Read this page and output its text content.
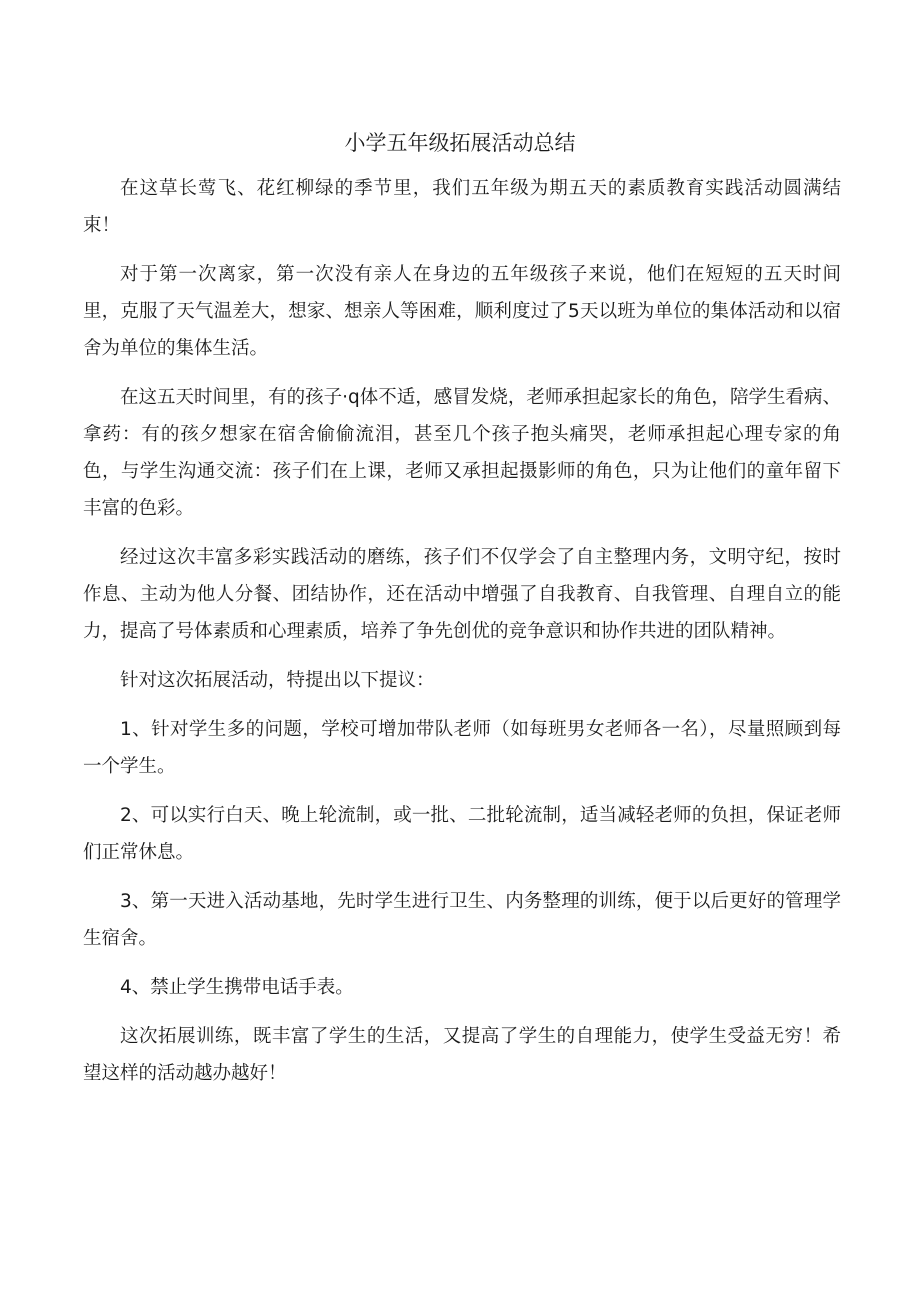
小学五年级拓展活动总结

在这草长莺飞、花红柳绿的季节里，我们五年级为期五天的素质教育实践活动圆满结束！

对于第一次离家，第一次没有亲人在身边的五年级孩子来说，他们在短短的五天时间里，克服了天气温差大，想家、想亲人等困难，顺利度过了5天以班为单位的集体活动和以宿舍为单位的集体生活。

在这五天时间里，有的孩子·q体不适，感冒发烧，老师承担起家长的角色，陪学生看病、拿药：有的孩夕想家在宿舍偷偷流泪，甚至几个孩子抱头痛哭，老师承担起心理专家的角色，与学生沟通交流：孩子们在上课，老师又承担起摄影师的角色，只为让他们的童年留下丰富的色彩。

经过这次丰富多彩实践活动的磨练，孩子们不仅学会了自主整理内务，文明守纪，按时作息、主动为他人分餐、团结协作，还在活动中增强了自我教育、自我管理、自理自立的能力，提高了号体素质和心理素质，培养了争先创优的竞争意识和协作共进的团队精神。

针对这次拓展活动，特提出以下提议：

1、针对学生多的问题，学校可增加带队老师（如每班男女老师各一名），尽量照顾到每一个学生。

2、可以实行白天、晚上轮流制，或一批、二批轮流制，适当减轻老师的负担，保证老师们正常休息。

3、第一天进入活动基地，先时学生进行卫生、内务整理的训练，便于以后更好的管理学生宿舍。

4、禁止学生携带电话手表。

这次拓展训练，既丰富了学生的生活，又提高了学生的自理能力，使学生受益无穷！希望这样的活动越办越好！
